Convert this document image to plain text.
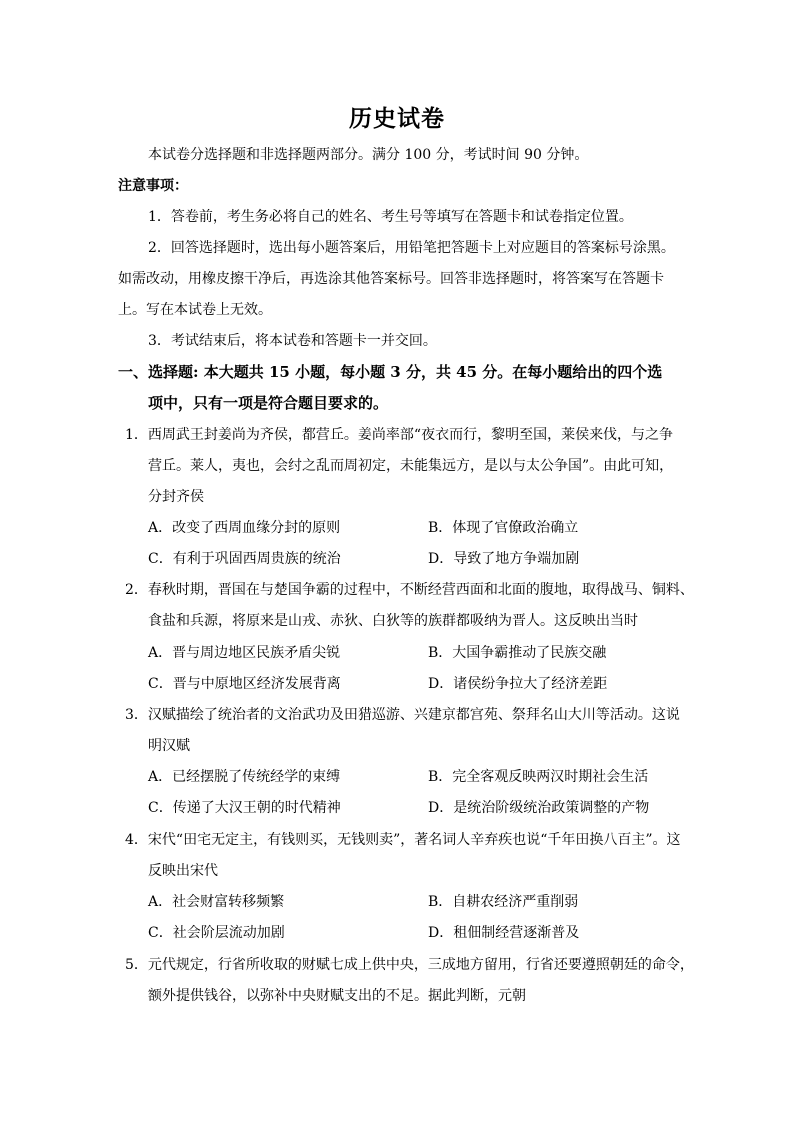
历史试卷
本试卷分选择题和非选择题两部分。满分 100 分，考试时间 90 分钟。
注意事项：
1．答卷前，考生务必将自己的姓名、考生号等填写在答题卡和试卷指定位置。
2．回答选择题时，选出每小题答案后，用铅笔把答题卡上对应题目的答案标号涂黑。
如需改动，用橡皮擦干净后，再选涂其他答案标号。回答非选择题时，将答案写在答题卡
上。写在本试卷上无效。
3．考试结束后，将本试卷和答题卡一并交回。
一、选择题: 本大题共 15 小题，每小题 3 分，共 45 分。在每小题给出的四个选
项中，只有一项是符合题目要求的。
1．西周武王封姜尚为齐侯，都营丘。姜尚率部“夜衣而行，黎明至国，莱侯来伐，与之争
营丘。莱人，夷也，会纣之乱而周初定，未能集远方，是以与太公争国”。由此可知，
分封齐侯
A．改变了西周血缘分封的原则	B．体现了官僚政治确立
C．有利于巩固西周贵族的统治	D．导致了地方争端加剧
2．春秋时期，晋国在与楚国争霸的过程中，不断经营西面和北面的腹地，取得战马、铜料、
食盐和兵源，将原来是山戎、赤狄、白狄等的族群都吸纳为晋人。这反映出当时
A．晋与周边地区民族矛盾尖锐	B．大国争霸推动了民族交融
C．晋与中原地区经济发展背离	D．诸侯纷争拉大了经济差距
3．汉赋描绘了统治者的文治武功及田猎巡游、兴建京都宫苑、祭拜名山大川等活动。这说
明汉赋
A．已经摆脱了传统经学的束缚	B．完全客观反映两汉时期社会生活
C．传递了大汉王朝的时代精神	D．是统治阶级统治政策调整的产物
4．宋代“田宅无定主，有钱则买，无钱则卖”，著名词人辛弃疾也说“千年田换八百主”。这
反映出宋代
A．社会财富转移频繁	B．自耕农经济严重削弱
C．社会阶层流动加剧	D．租佃制经营逐渐普及
5．元代规定，行省所收取的财赋七成上供中央，三成地方留用，行省还要遵照朝廷的命令，
额外提供钱谷，以弥补中央财赋支出的不足。据此判断，元朝
